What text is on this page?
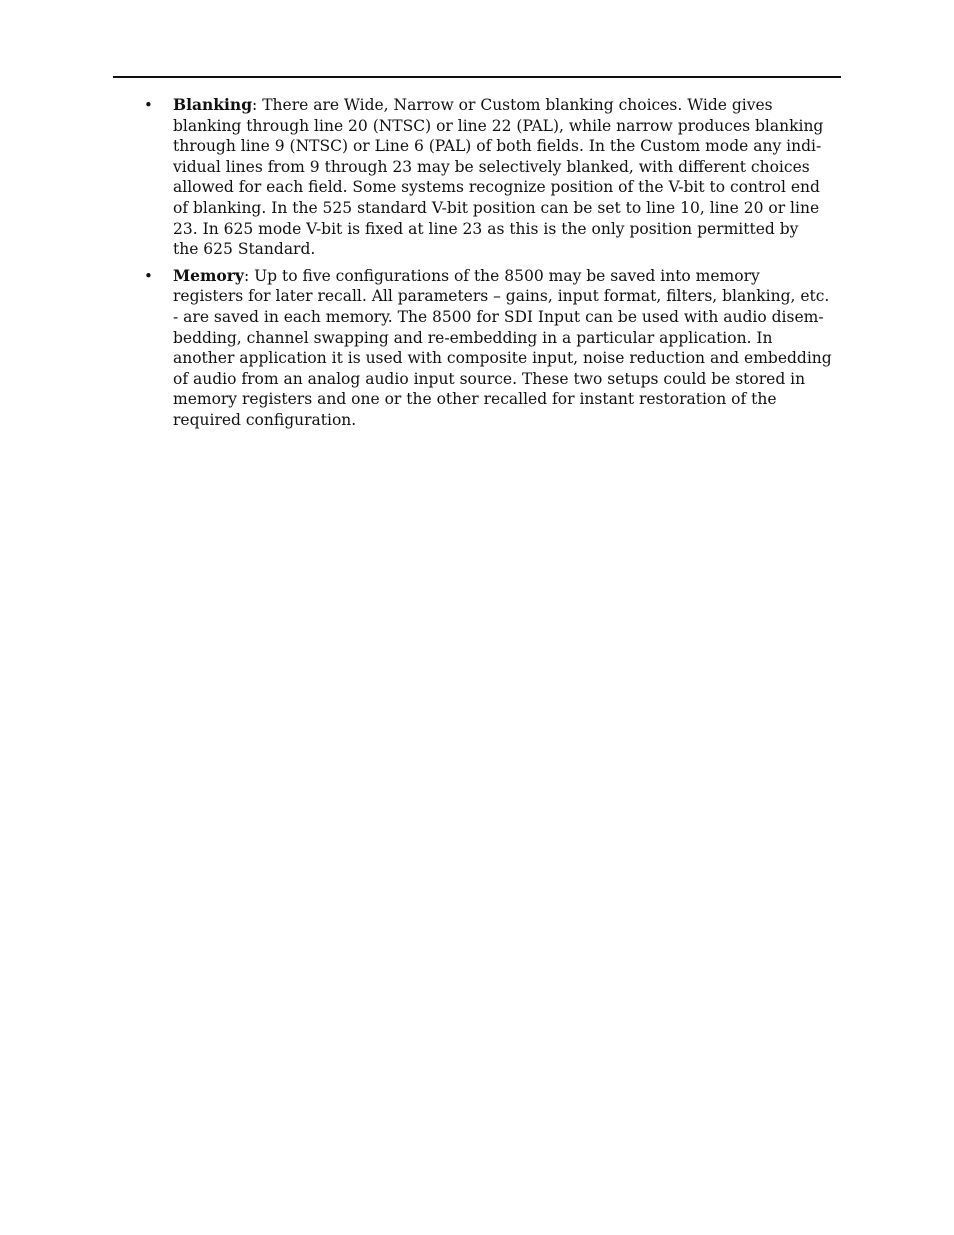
• Blanking: There are Wide, Narrow or Custom blanking choices. Wide gives
blanking through line 20 (NTSC) or line 22 (PAL), while narrow produces blanking
through line 9 (NTSC) or Line 6 (PAL) of both fields. In the Custom mode any indi-
vidual lines from 9 through 23 may be selectively blanked, with different choices
allowed for each field. Some systems recognize position of the V-bit to control end
of blanking. In the 525 standard V-bit position can be set to line 10, line 20 or line
23. In 625 mode V-bit is fixed at line 23 as this is the only position permitted by
the 625 Standard.
• Memory: Up to five configurations of the 8500 may be saved into memory
registers for later recall. All parameters – gains, input format, filters, blanking, etc.
- are saved in each memory. The 8500 for SDI Input can be used with audio disem-
bedding, channel swapping and re-embedding in a particular application. In
another application it is used with composite input, noise reduction and embedding
of audio from an analog audio input source. These two setups could be stored in
memory registers and one or the other recalled for instant restoration of the
required configuration.
